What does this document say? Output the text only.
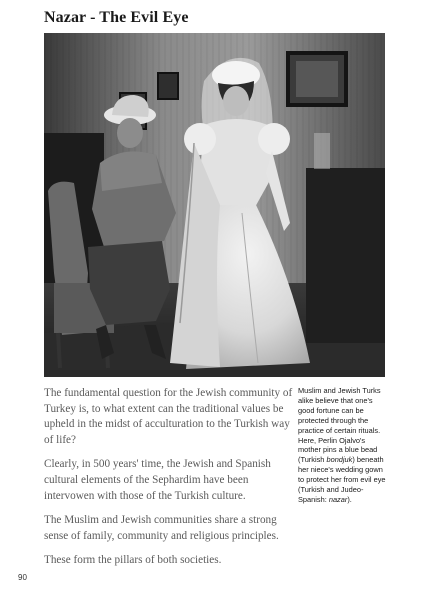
Nazar - The Evil Eye

The fundamental question for the Jewish community of Turkey is, to what extent can the traditional values be upheld in the midst of acculturation to the Turkish way of life?

Clearly, in 500 years' time, the Jewish and Spanish cultural elements of the Sephardim have been intervowen with those of the Turkish culture.

The Muslim and Jewish communities share a strong sense of family, community and religious principles.

These form the pillars of both societies.

Muslim and Jewish Turks alike believe that one's good fortune can be protected through the practice of certain rituals. Here, Perlin Ojalvo's mother pins a blue bead (Turkish bondjuk) beneath her niece's wedding gown to protect her from evil eye (Turkish and Judeo-Spanish: nazar).
90
